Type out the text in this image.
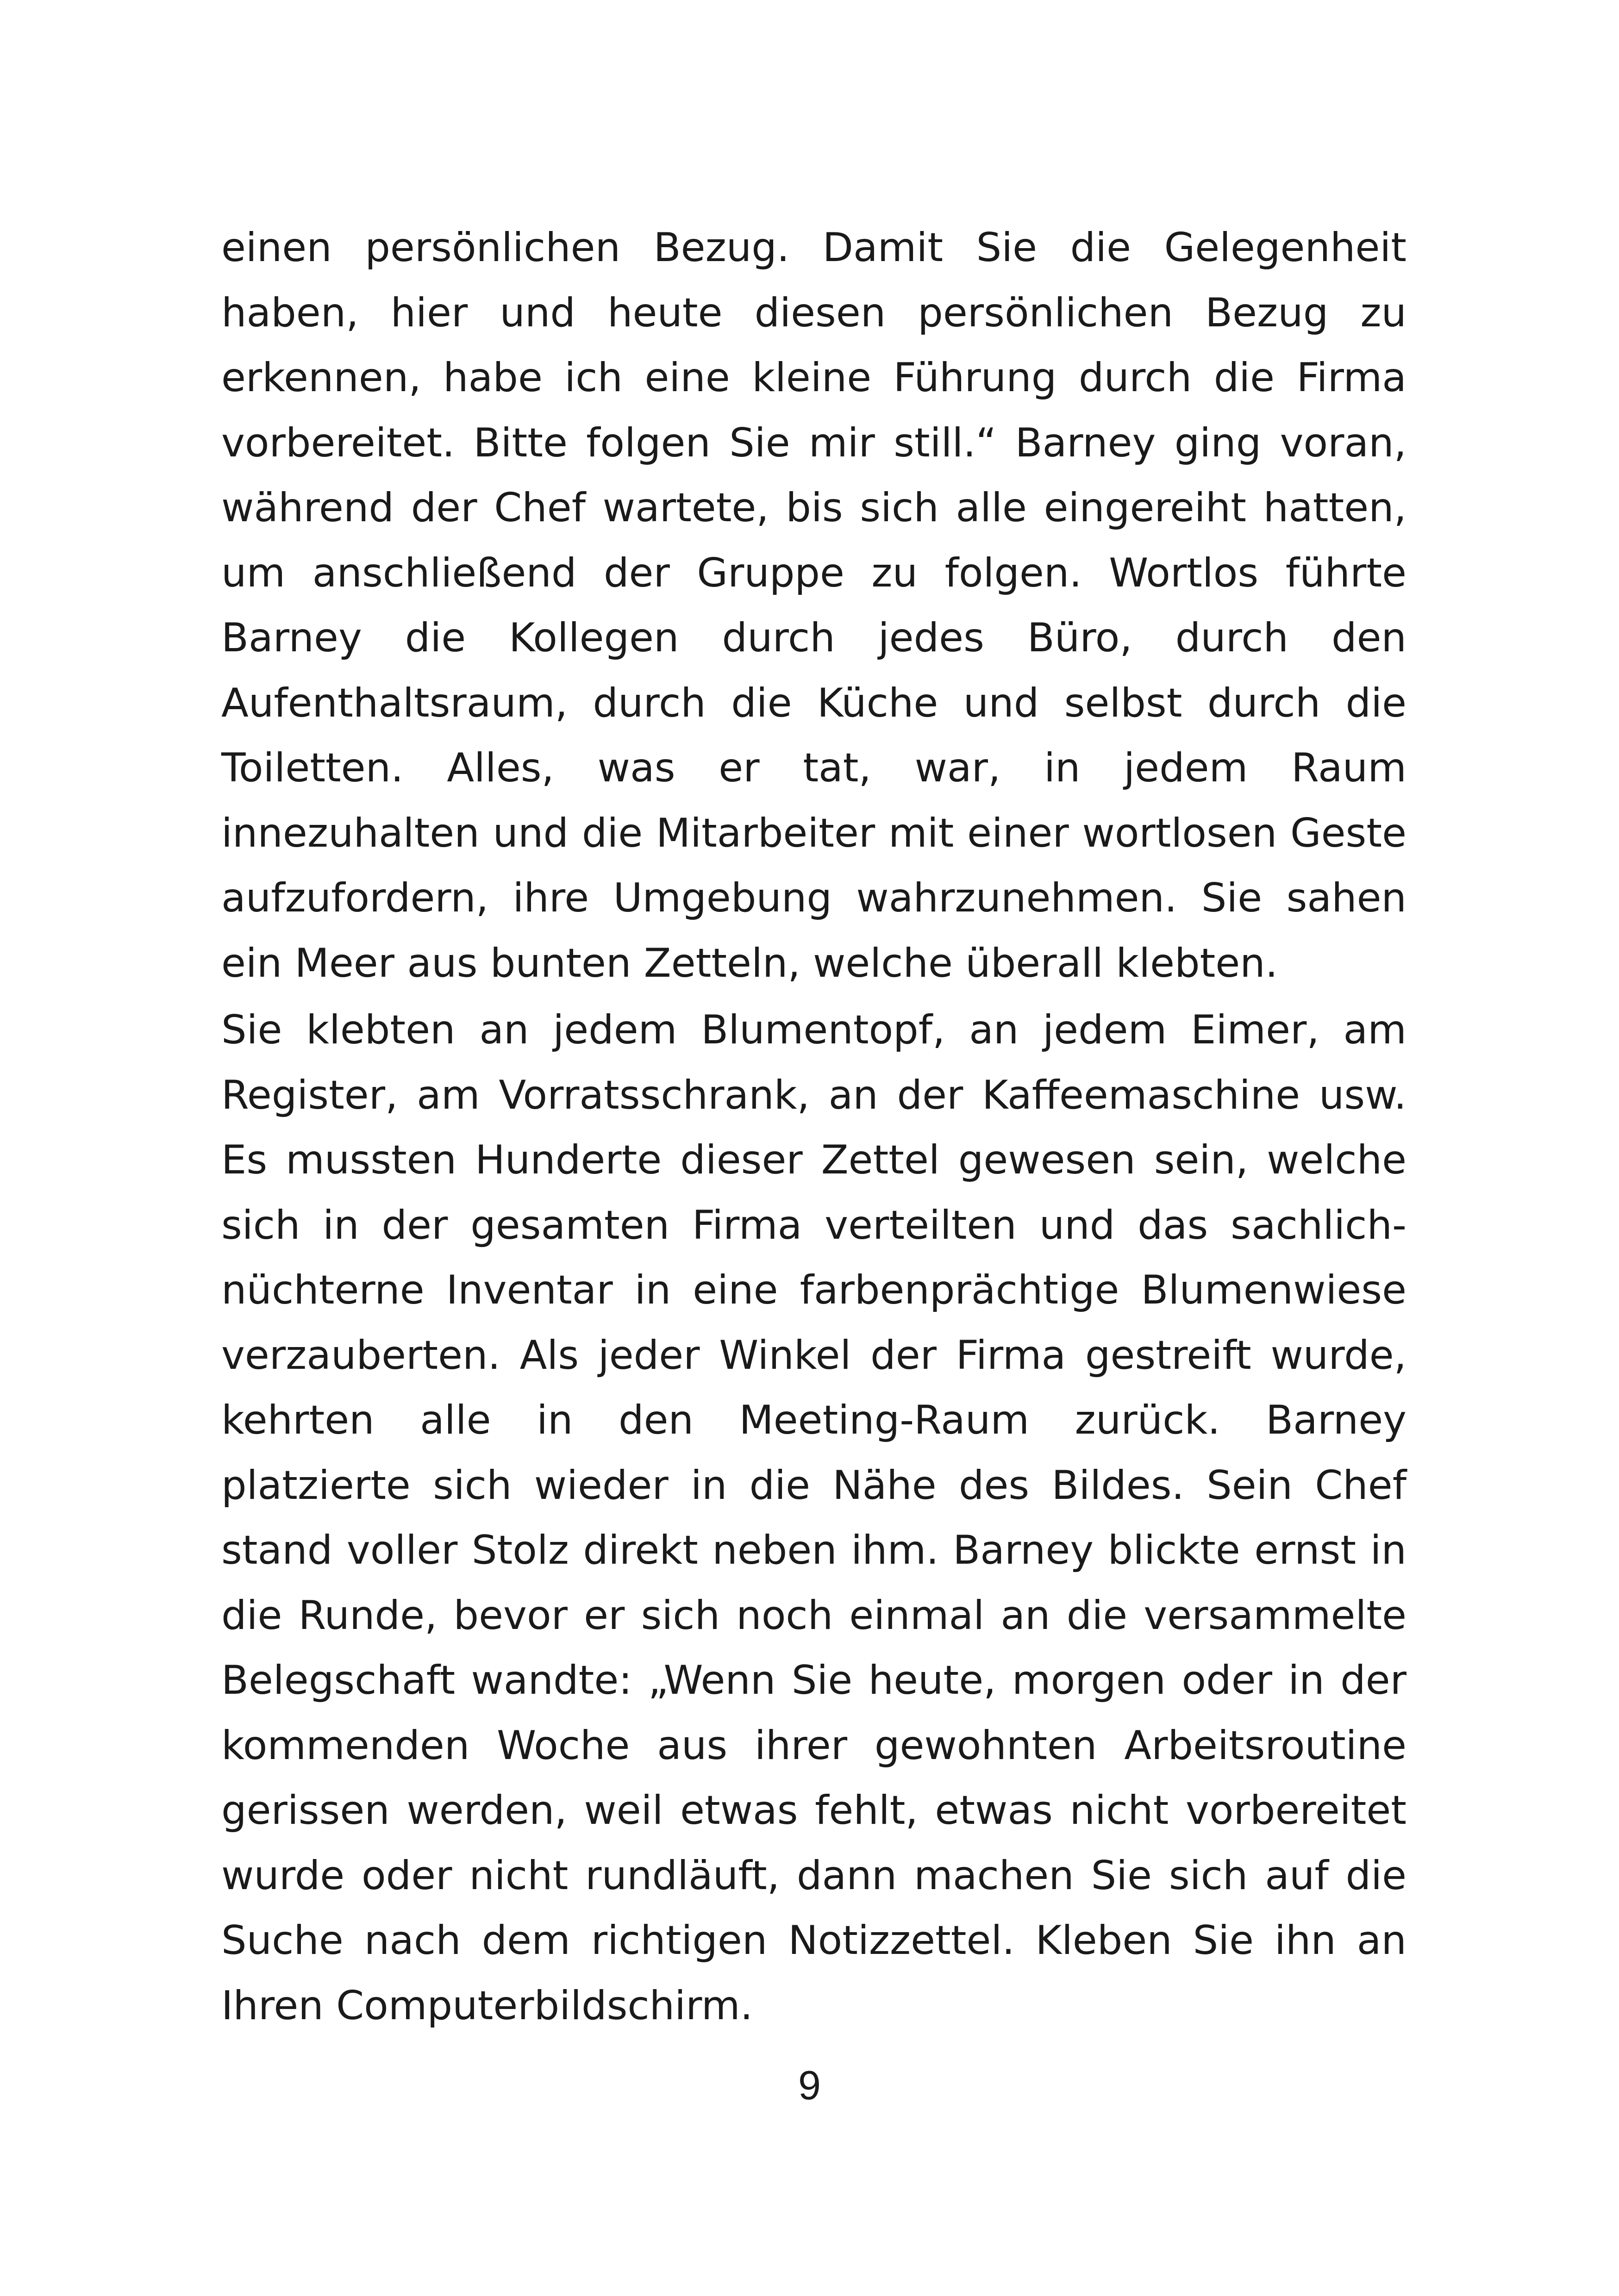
einen persönlichen Bezug. Damit Sie die Gelegenheit haben, hier und heute diesen persönlichen Bezug zu erkennen, habe ich eine kleine Führung durch die Firma vorbereitet. Bitte folgen Sie mir still.“ Barney ging voran, während der Chef wartete, bis sich alle eingereiht hatten, um anschließend der Gruppe zu folgen. Wortlos führte Barney die Kollegen durch jedes Büro, durch den Aufenthaltsraum, durch die Küche und selbst durch die Toiletten. Alles, was er tat, war, in jedem Raum innezuhalten und die Mitarbeiter mit einer wortlosen Geste aufzufordern, ihre Umgebung wahrzunehmen. Sie sahen ein Meer aus bunten Zetteln, welche überall klebten.

Sie klebten an jedem Blumentopf, an jedem Eimer, am Register, am Vorratsschrank, an der Kaffeemaschine usw. Es mussten Hunderte dieser Zettel gewesen sein, welche sich in der gesamten Firma verteilten und das sachlich-nüchterne Inventar in eine farbenprächtige Blumenwiese verzauberten. Als jeder Winkel der Firma gestreift wurde, kehrten alle in den Meeting-Raum zurück. Barney platzierte sich wieder in die Nähe des Bildes. Sein Chef stand voller Stolz direkt neben ihm. Barney blickte ernst in die Runde, bevor er sich noch einmal an die versammelte Belegschaft wandte: „Wenn Sie heute, morgen oder in der kommenden Woche aus ihrer gewohnten Arbeitsroutine gerissen werden, weil etwas fehlt, etwas nicht vorbereitet wurde oder nicht rundläuft, dann machen Sie sich auf die Suche nach dem richtigen Notizzettel. Kleben Sie ihn an Ihren Computerbildschirm.

9
